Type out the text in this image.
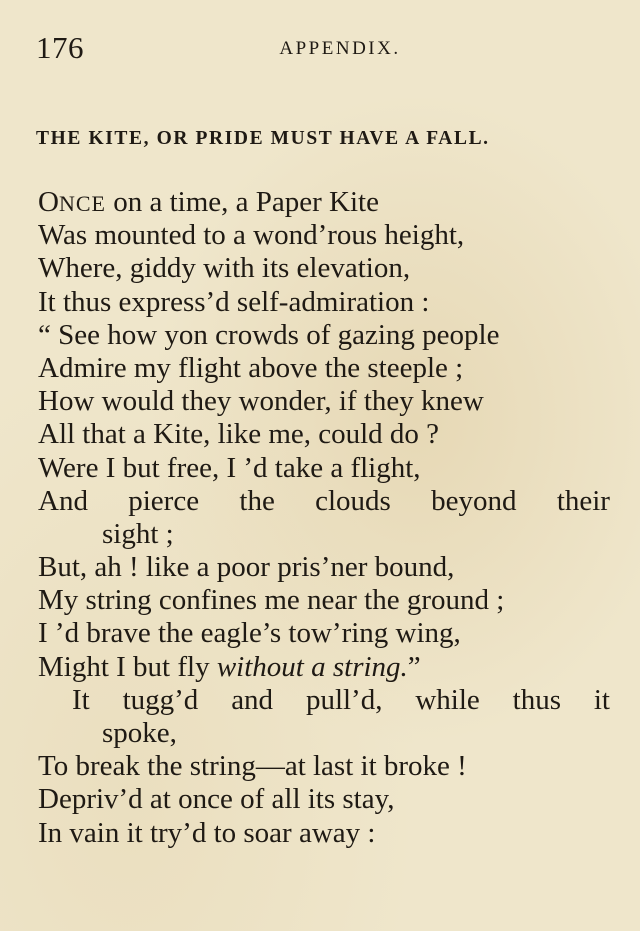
176	APPENDIX.
THE KITE, OR PRIDE MUST HAVE A FALL.
ONCE on a time, a Paper Kite
Was mounted to a wond’rous height,
Where, giddy with its elevation,
It thus express’d self-admiration :
“ See how yon crowds of gazing people
Admire my flight above the steeple ;
How would they wonder, if they knew
All that a Kite, like me, could do ?
Were I but free, I ’d take a flight,
And pierce the clouds beyond their
sight ;
But, ah ! like a poor pris’ner bound,
My string confines me near the ground ;
I ’d brave the eagle’s tow’ring wing,
Might I but fly without a string.”
It tugg’d and pull’d, while thus it
spoke,
To break the string—at last it broke !
Depriv’d at once of all its stay,
In vain it try’d to soar away :
